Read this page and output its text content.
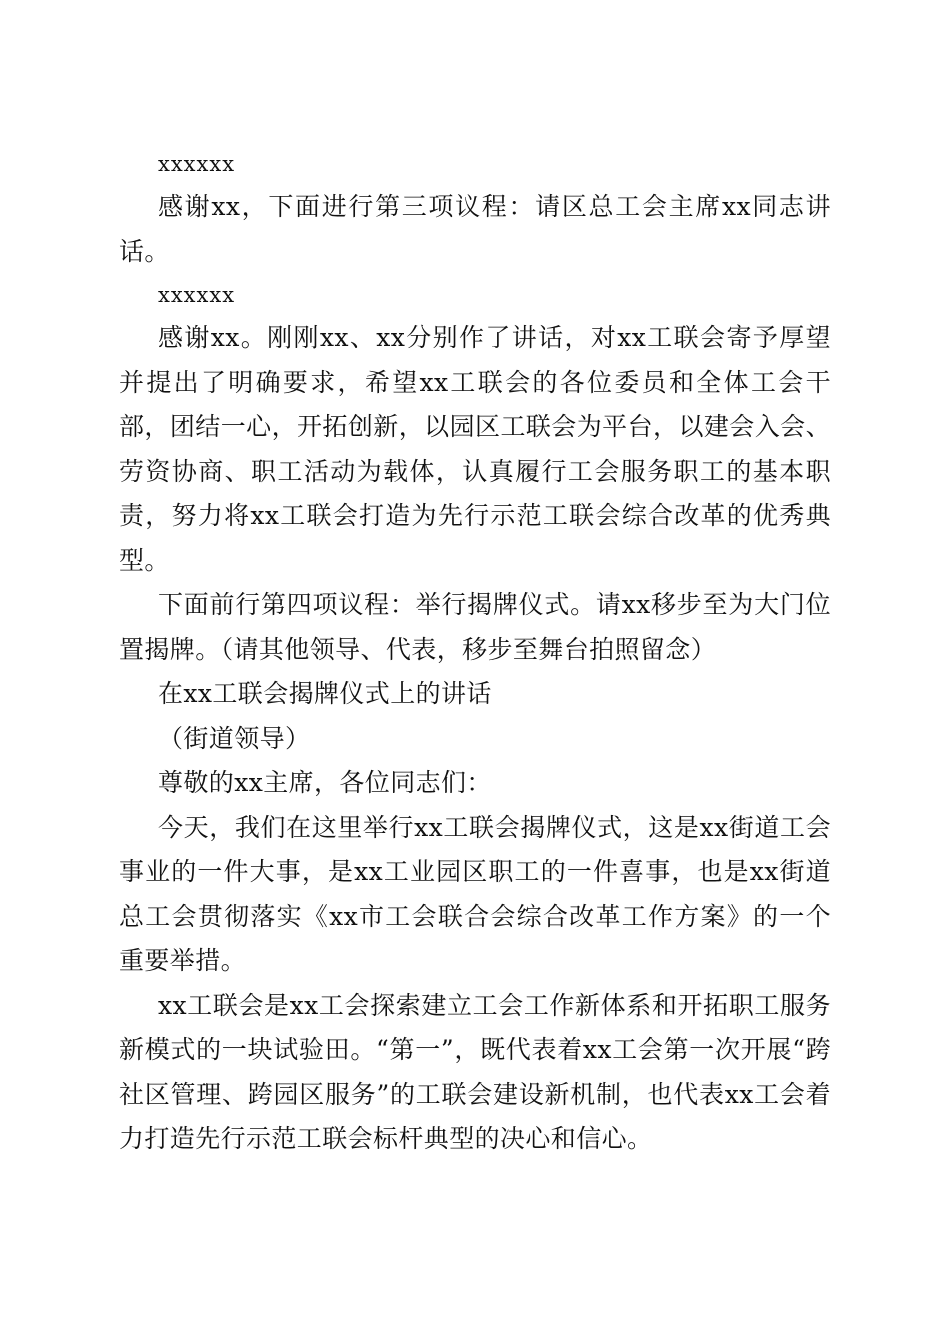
xxxxxx

感谢xx，下面进行第三项议程：请区总工会主席xx同志讲话。

xxxxxx

感谢xx。刚刚xx、xx分别作了讲话，对xx工联会寄予厚望并提出了明确要求，希望xx工联会的各位委员和全体工会干部，团结一心，开拓创新，以园区工联会为平台，以建会入会、劳资协商、职工活动为载体，认真履行工会服务职工的基本职责，努力将xx工联会打造为先行示范工联会综合改革的优秀典型。

下面前行第四项议程：举行揭牌仪式。请xx移步至为大门位置揭牌。（请其他领导、代表，移步至舞台拍照留念）

在xx工联会揭牌仪式上的讲话

（街道领导）

尊敬的xx主席，各位同志们：

今天，我们在这里举行xx工联会揭牌仪式，这是xx街道工会事业的一件大事，是xx工业园区职工的一件喜事，也是xx街道总工会贯彻落实《xx市工会联合会综合改革工作方案》的一个重要举措。

xx工联会是xx工会探索建立工会工作新体系和开拓职工服务新模式的一块试验田。“第一”，既代表着xx工会第一次开展“跨社区管理、跨园区服务”的工联会建设新机制，也代表xx工会着力打造先行示范工联会标杆典型的决心和信心。
